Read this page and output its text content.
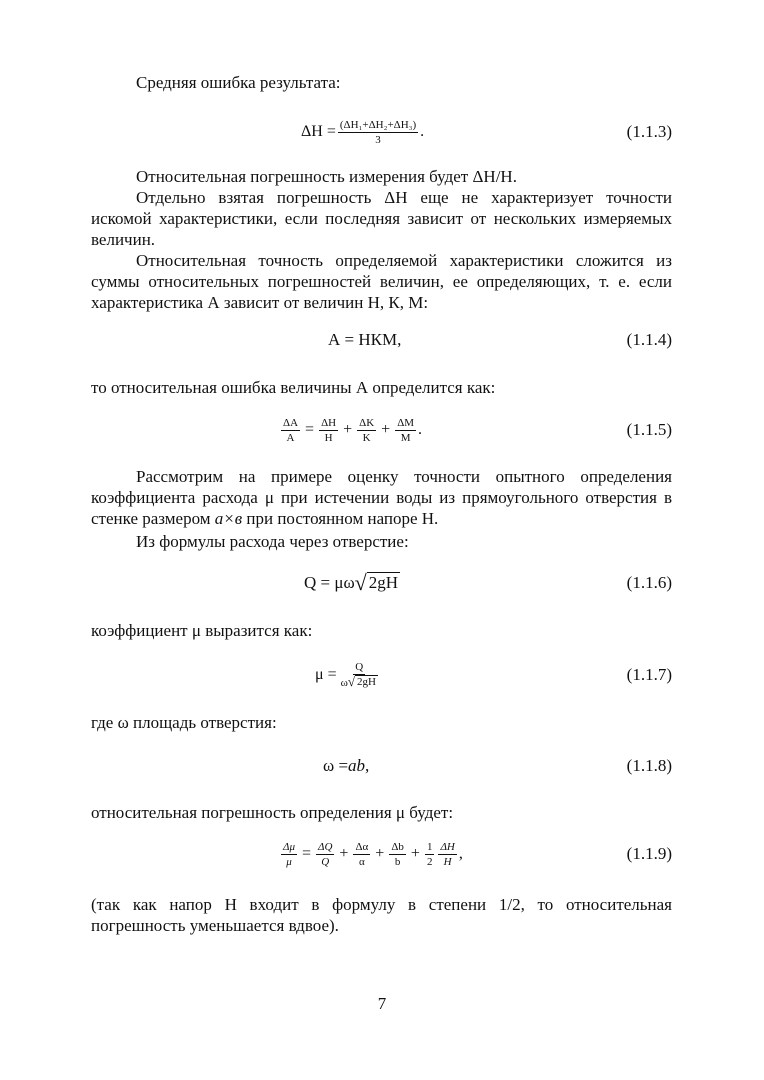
Средняя ошибка результата:

$\Delta H = \frac{\text{(ΔH₁+ΔH₂+ΔH₃)}}{3}$ .	(1.1.3)

Относительная погрешность измерения будет ΔН/Н.

Отдельно взятая погрешность ΔН еще не характеризует точности искомой характеристики, если последняя зависит от нескольких измеряемых величин.

Относительная точность определяемой характеристики сложится из суммы относительных погрешностей величин, ее определяющих, т. е. если характеристика А зависит от величин Н, К, М:

А = НКМ,	(1.1.4)

то относительная ошибка величины А определится как:

$\frac{\Delta A}{A} = \frac{\Delta H}{H} + \frac{\Delta K}{K} + \frac{\Delta M}{M}$ .	(1.1.5)

Рассмотрим на примере оценку точности опытного определения коэффициента расхода μ при истечении воды из прямоугольного отверстия в стенке размером а×в при постоянном напоре Н.

Из формулы расхода через отверстие:

Q = μω √ 2gH	(1.1.6)

коэффициент μ выразится как:

$\mu = \frac{Q}{\omega √ 2gH}$	(1.1.7)

где ω площадь отверстия:

ω = ab ,	(1.1.8)

относительная погрешность определения μ будет:

$\frac{\Delta\mu}{\mu} = \frac{\Delta Q}{Q} + \frac{\Delta\alpha}{\alpha} + \frac{\Delta b}{b} + \frac{1}{2} \frac{\Delta H}{H}$ ,	(1.1.9)

(так как напор Н входит в формулу в степени 1/2, то относительная погрешность уменьшается вдвое).

7
